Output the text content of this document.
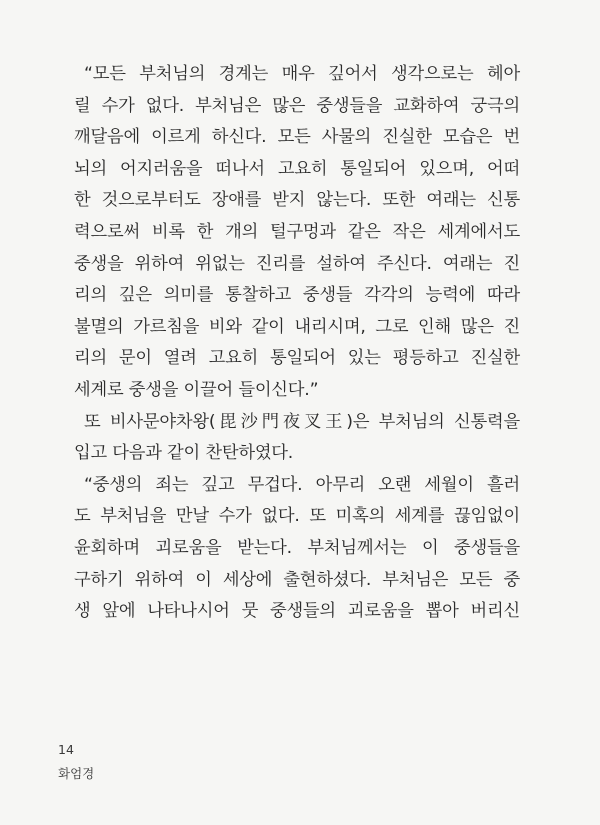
“모든 부처님의 경계는 매우 깊어서 생각으로는 헤아
릴 수가 없다. 부처님은 많은 중생들을 교화하여 궁극의
깨달음에 이르게 하신다. 모든 사물의 진실한 모습은 번
뇌의 어지러움을 떠나서 고요히 통일되어 있으며, 어떠
한 것으로부터도 장애를 받지 않는다. 또한 여래는 신통
력으로써 비록 한 개의 털구멍과 같은 작은 세계에서도
중생을 위하여 위없는 진리를 설하여 주신다. 여래는 진
리의 깊은 의미를 통찰하고 중생들 각각의 능력에 따라
불멸의 가르침을 비와 같이 내리시며, 그로 인해 많은 진
리의 문이 열려 고요히 통일되어 있는 평등하고 진실한
세계로 중생을 이끌어 들이신다.”
또 비사문야차왕(毘沙門夜叉王)은 부처님의 신통력을
입고 다음과 같이 찬탄하였다.
“중생의 죄는 깊고 무겁다. 아무리 오랜 세월이 흘러
도 부처님을 만날 수가 없다. 또 미혹의 세계를 끊임없이
윤회하며 괴로움을 받는다. 부처님께서는 이 중생들을
구하기 위하여 이 세상에 출현하셨다. 부처님은 모든 중
생 앞에 나타나시어 뭇 중생들의 괴로움을 뽑아 버리신
14
화엄경
